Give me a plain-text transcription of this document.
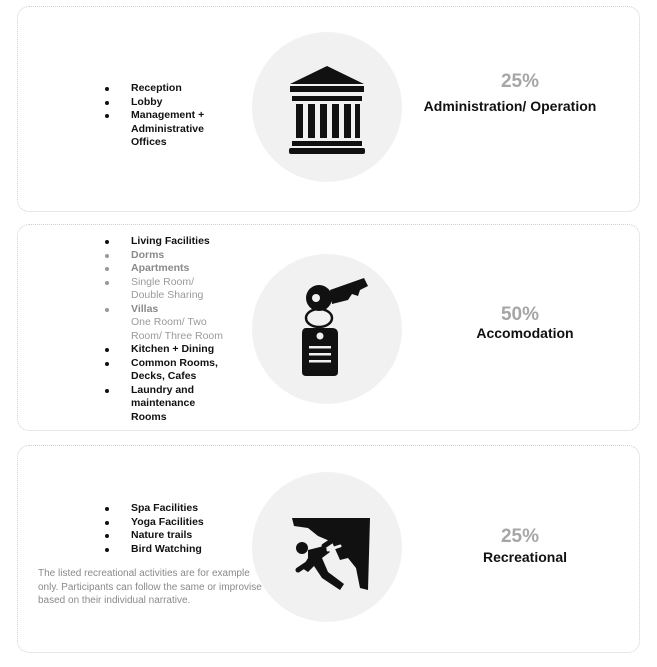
Reception
Lobby
Management +
Administrative
Offices
25%
Administration/ Operation
Living Facilities
Dorms
Apartments
Single Room/
Double Sharing
Villas
One Room/ Two
Room/ Three Room
Kitchen + Dining
Common Rooms,
Decks, Cafes
Laundry and
maintenance
Rooms
50%
Accomodation
Spa Facilities
Yoga Facilities
Nature trails
Bird Watching
The listed recreational activities are for example only. Participants can follow the same or improvise based on their individual narrative.
25%
Recreational
